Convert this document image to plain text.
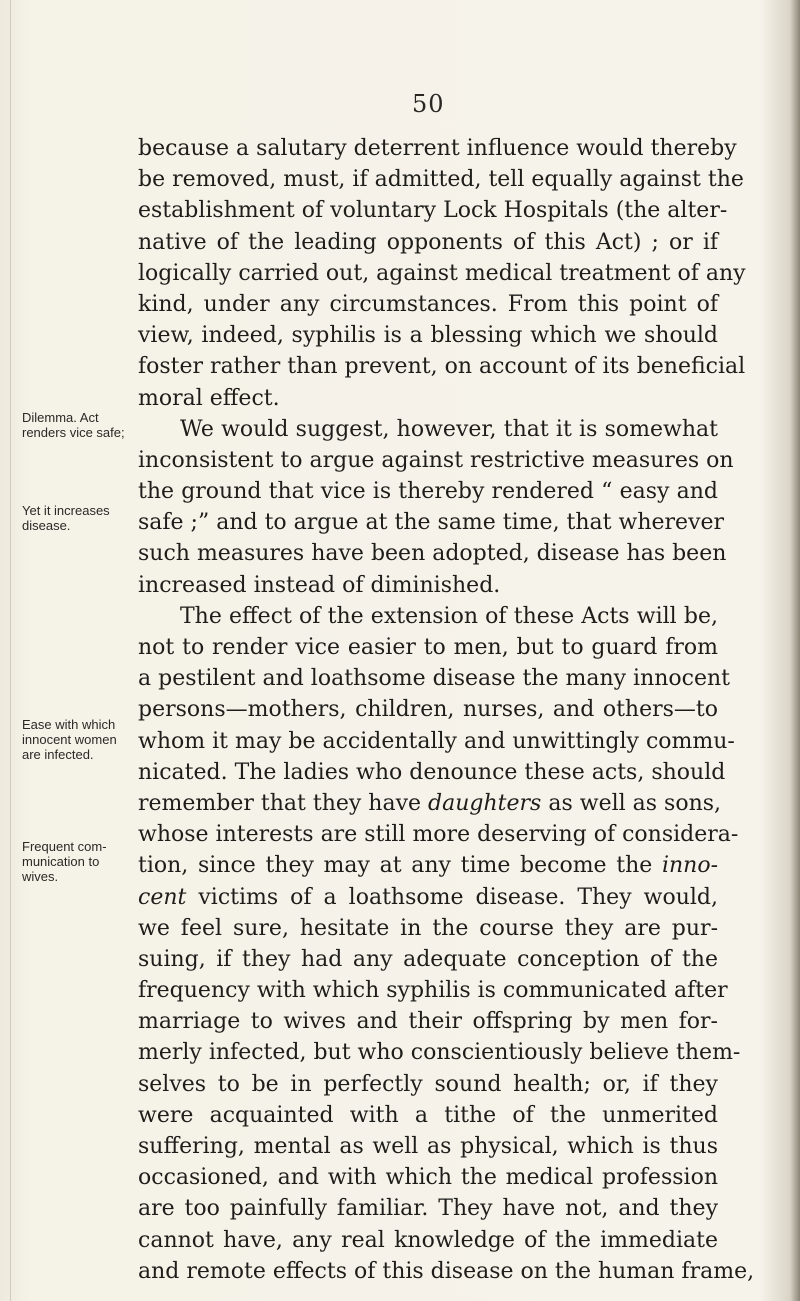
50
Dilemma. Act
renders vice safe;
Yet it increases
disease.
Ease with which
innocent women
are infected.
Frequent com-
munication to
wives.
because a salutary deterrent influence would thereby
be removed, must, if admitted, tell equally against the
establishment of voluntary Lock Hospitals (the alter-
native of the leading opponents of this Act) ; or if
logically carried out, against medical treatment of any
kind, under any circumstances. From this point of
view, indeed, syphilis is a blessing which we should
foster rather than prevent, on account of its beneficial
moral effect.
We would suggest, however, that it is somewhat
inconsistent to argue against restrictive measures on
the ground that vice is thereby rendered “ easy and
safe ;” and to argue at the same time, that wherever
such measures have been adopted, disease has been
increased instead of diminished.
The effect of the extension of these Acts will be,
not to render vice easier to men, but to guard from
a pestilent and loathsome disease the many innocent
persons—mothers, children, nurses, and others—to
whom it may be accidentally and unwittingly commu-
nicated. The ladies who denounce these acts, should
remember that they have daughters as well as sons,
whose interests are still more deserving of considera-
tion, since they may at any time become the inno-
cent victims of a loathsome disease. They would,
we feel sure, hesitate in the course they are pur-
suing, if they had any adequate conception of the
frequency with which syphilis is communicated after
marriage to wives and their offspring by men for-
merly infected, but who conscientiously believe them-
selves to be in perfectly sound health; or, if they
were acquainted with a tithe of the unmerited
suffering, mental as well as physical, which is thus
occasioned, and with which the medical profession
are too painfully familiar. They have not, and they
cannot have, any real knowledge of the immediate
and remote effects of this disease on the human frame,
